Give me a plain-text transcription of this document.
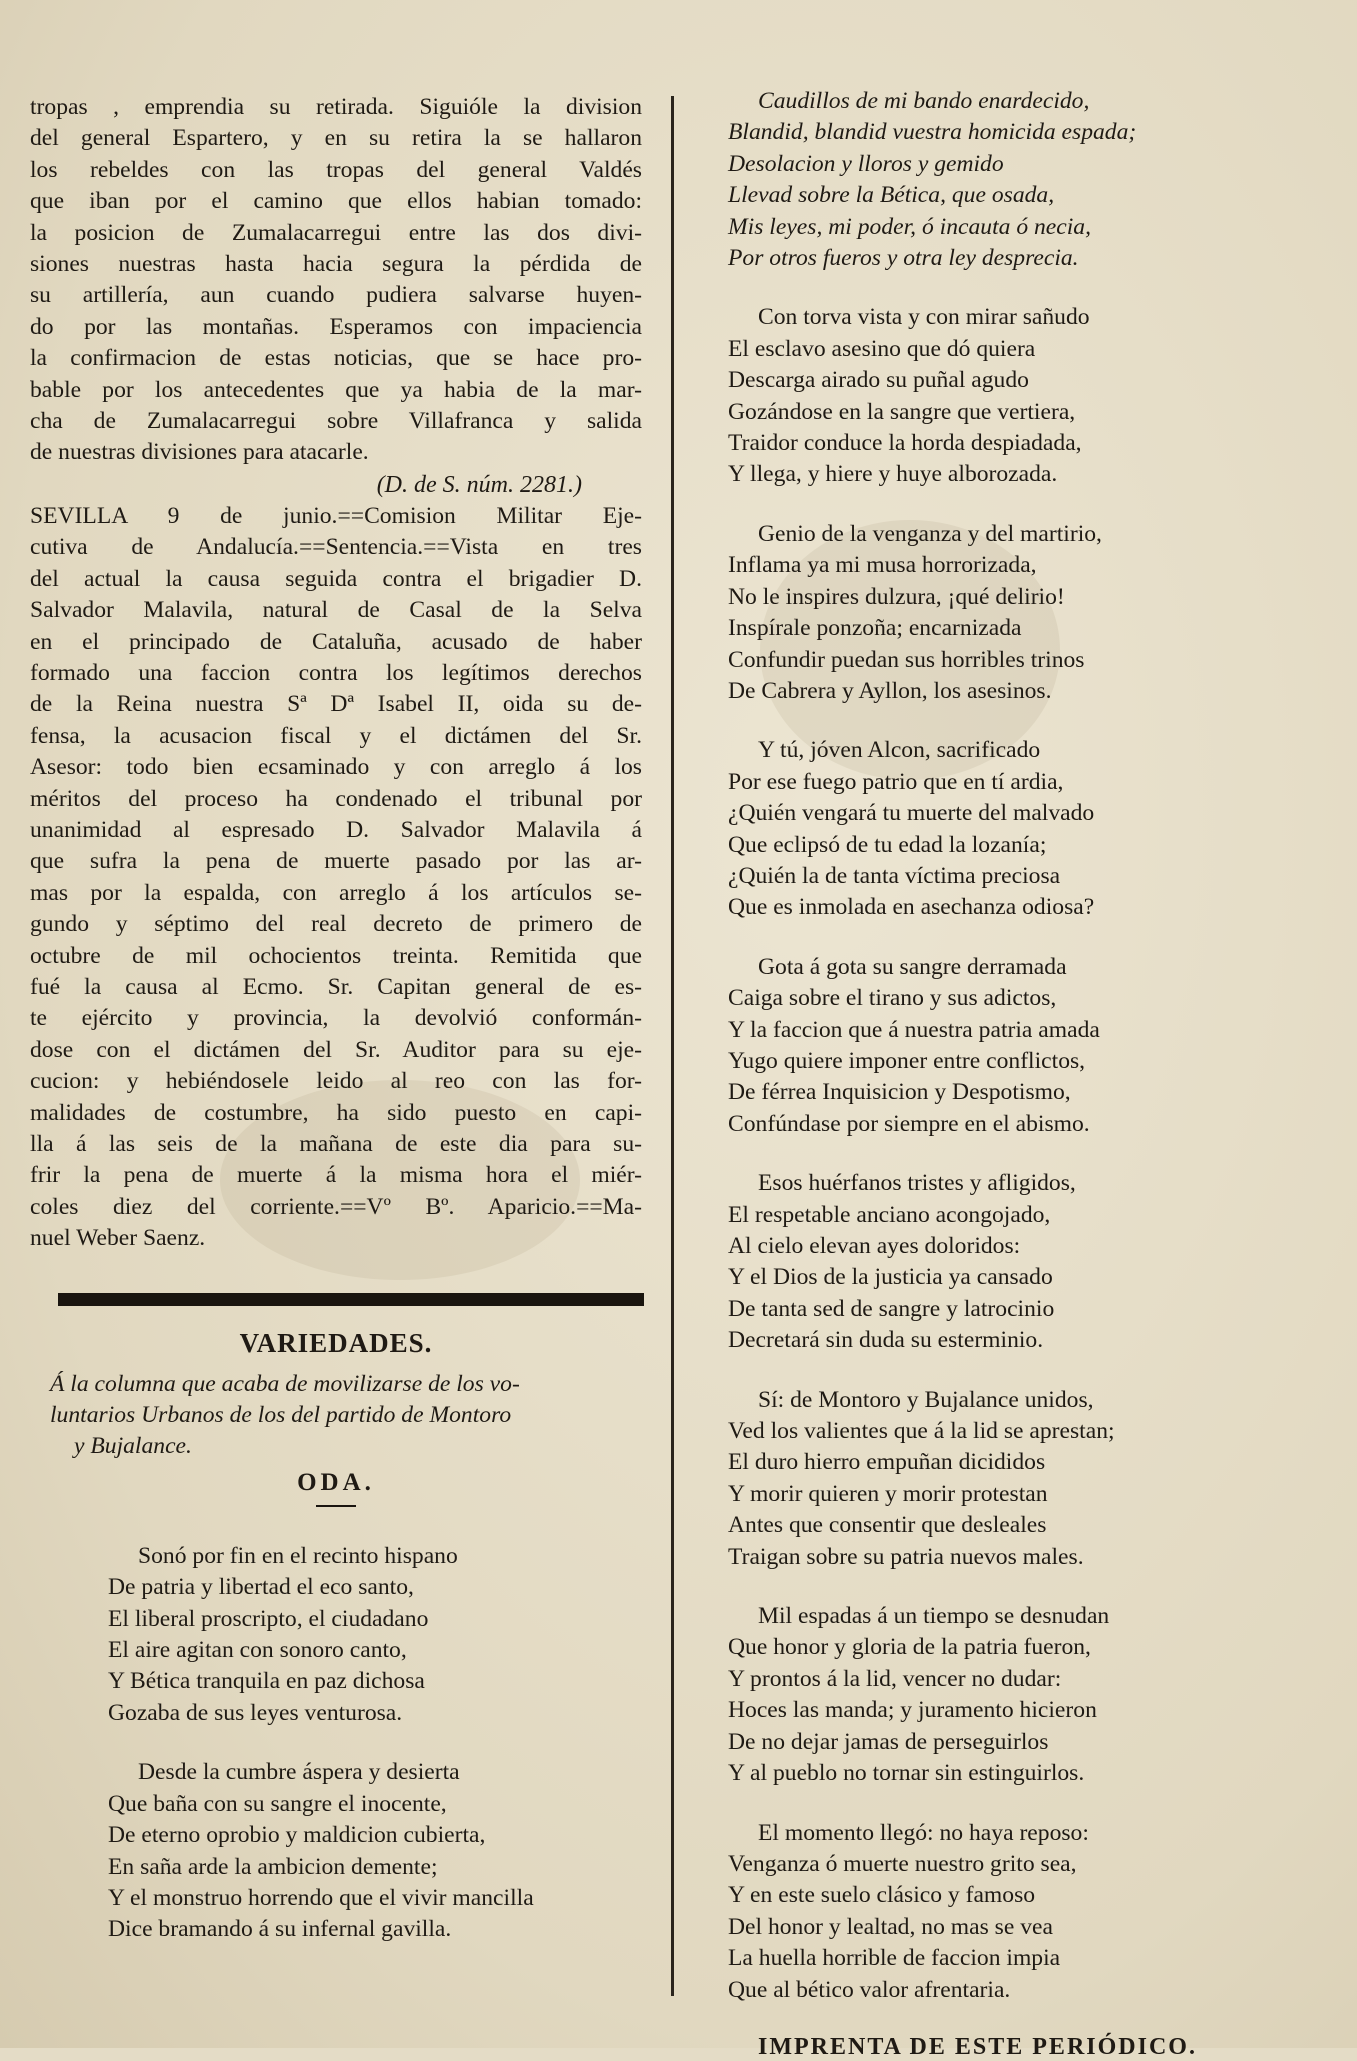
tropas , emprendia su retirada. Siguióle la division
del general Espartero, y en su retira la se hallaron
los rebeldes con las tropas del general Valdés
que iban por el camino que ellos habian tomado:
la posicion de Zumalacarregui entre las dos divi-
siones nuestras hasta hacia segura la pérdida de
su artillería, aun cuando pudiera salvarse huyen-
do por las montañas. Esperamos con impaciencia
la confirmacion de estas noticias, que se hace pro-
bable por los antecedentes que ya habia de la mar-
cha de Zumalacarregui sobre Villafranca y salida
de nuestras divisiones para atacarle.
(D. de S. núm. 2281.)
SEVILLA 9 de junio.==Comision Militar Eje-
cutiva de Andalucía.==Sentencia.==Vista en tres
del actual la causa seguida contra el brigadier D.
Salvador Malavila, natural de Casal de la Selva
en el principado de Cataluña, acusado de haber
formado una faccion contra los legítimos derechos
de la Reina nuestra Sª Dª Isabel II, oida su de-
fensa, la acusacion fiscal y el dictámen del Sr.
Asesor: todo bien ecsaminado y con arreglo á los
méritos del proceso ha condenado el tribunal por
unanimidad al espresado D. Salvador Malavila á
que sufra la pena de muerte pasado por las ar-
mas por la espalda, con arreglo á los artículos se-
gundo y séptimo del real decreto de primero de
octubre de mil ochocientos treinta. Remitida que
fué la causa al Ecmo. Sr. Capitan general de es-
te ejército y provincia, la devolvió conformán-
dose con el dictámen del Sr. Auditor para su eje-
cucion: y hebiéndosele leido al reo con las for-
malidades de costumbre, ha sido puesto en capi-
lla á las seis de la mañana de este dia para su-
frir la pena de muerte á la misma hora el miér-
coles diez del corriente.==Vº Bº. Aparicio.==Ma-
nuel Weber Saenz.
VARIEDADES.
Á la columna que acaba de movilizarse de los vo-
luntarios Urbanos de los del partido de Montoro
y Bujalance.
ODA.
Sonó por fin en el recinto hispano
De patria y libertad el eco santo,
El liberal proscripto, el ciudadano
El aire agitan con sonoro canto,
Y Bética tranquila en paz dichosa
Gozaba de sus leyes venturosa.
Desde la cumbre áspera y desierta
Que baña con su sangre el inocente,
De eterno oprobio y maldicion cubierta,
En saña arde la ambicion demente;
Y el monstruo horrendo que el vivir mancilla
Dice bramando á su infernal gavilla.
Caudillos de mi bando enardecido,
Blandid, blandid vuestra homicida espada;
Desolacion y lloros y gemido
Llevad sobre la Bética, que osada,
Mis leyes, mi poder, ó incauta ó necia,
Por otros fueros y otra ley desprecia.
Con torva vista y con mirar sañudo
El esclavo asesino que dó quiera
Descarga airado su puñal agudo
Gozándose en la sangre que vertiera,
Traidor conduce la horda despiadada,
Y llega, y hiere y huye alborozada.
Genio de la venganza y del martirio,
Inflama ya mi musa horrorizada,
No le inspires dulzura, ¡qué delirio!
Inspírale ponzoña; encarnizada
Confundir puedan sus horribles trinos
De Cabrera y Ayllon, los asesinos.
Y tú, jóven Alcon, sacrificado
Por ese fuego patrio que en tí ardia,
¿Quién vengará tu muerte del malvado
Que eclipsó de tu edad la lozanía;
¿Quién la de tanta víctima preciosa
Que es inmolada en asechanza odiosa?
Gota á gota su sangre derramada
Caiga sobre el tirano y sus adictos,
Y la faccion que á nuestra patria amada
Yugo quiere imponer entre conflictos,
De férrea Inquisicion y Despotismo,
Confúndase por siempre en el abismo.
Esos huérfanos tristes y afligidos,
El respetable anciano acongojado,
Al cielo elevan ayes doloridos:
Y el Dios de la justicia ya cansado
De tanta sed de sangre y latrocinio
Decretará sin duda su esterminio.
Sí: de Montoro y Bujalance unidos,
Ved los valientes que á la lid se aprestan;
El duro hierro empuñan dicididos
Y morir quieren y morir protestan
Antes que consentir que desleales
Traigan sobre su patria nuevos males.
Mil espadas á un tiempo se desnudan
Que honor y gloria de la patria fueron,
Y prontos á la lid, vencer no dudar:
Hoces las manda; y juramento hicieron
De no dejar jamas de perseguirlos
Y al pueblo no tornar sin estinguirlos.
El momento llegó: no haya reposo:
Venganza ó muerte nuestro grito sea,
Y en este suelo clásico y famoso
Del honor y lealtad, no mas se vea
La huella horrible de faccion impia
Que al bético valor afrentaria.
IMPRENTA DE ESTE PERIÓDICO.
